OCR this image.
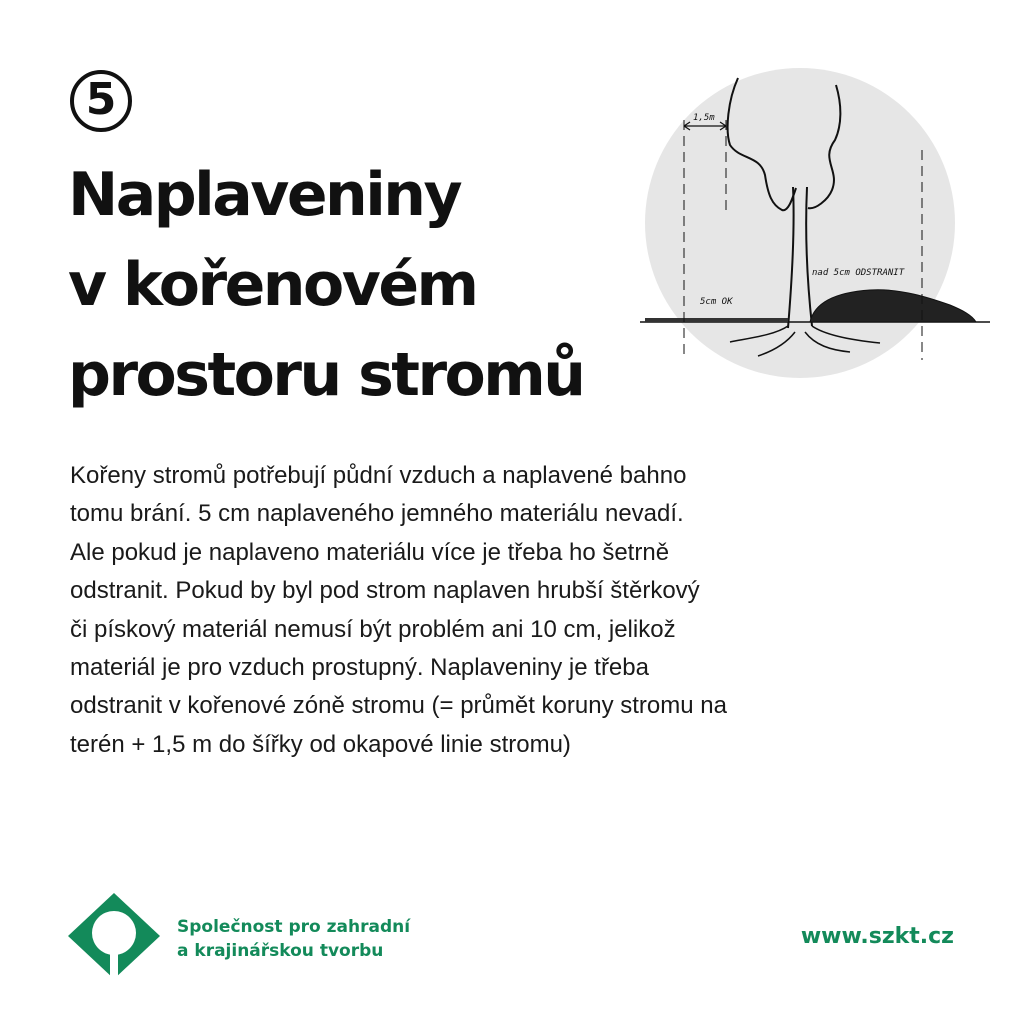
5
Naplaveniny
v kořenovém
prostoru stromů
1,5m
5cm OK
nad 5cm ODSTRANIT
Kořeny stromů potřebují půdní vzduch a naplavené bahno
tomu brání. 5 cm naplaveného jemného materiálu nevadí.
Ale pokud je naplaveno materiálu více je třeba ho šetrně
odstranit. Pokud by byl pod strom naplaven hrubší štěrkový
či pískový materiál nemusí být problém ani 10 cm, jelikož
materiál je pro vzduch prostupný. Naplaveniny je třeba
odstranit v kořenové zóně stromu (= průmět koruny stromu na
terén + 1,5 m do šířky od okapové linie stromu)
Společnost pro zahradní
a krajinářskou tvorbu
www.szkt.cz
